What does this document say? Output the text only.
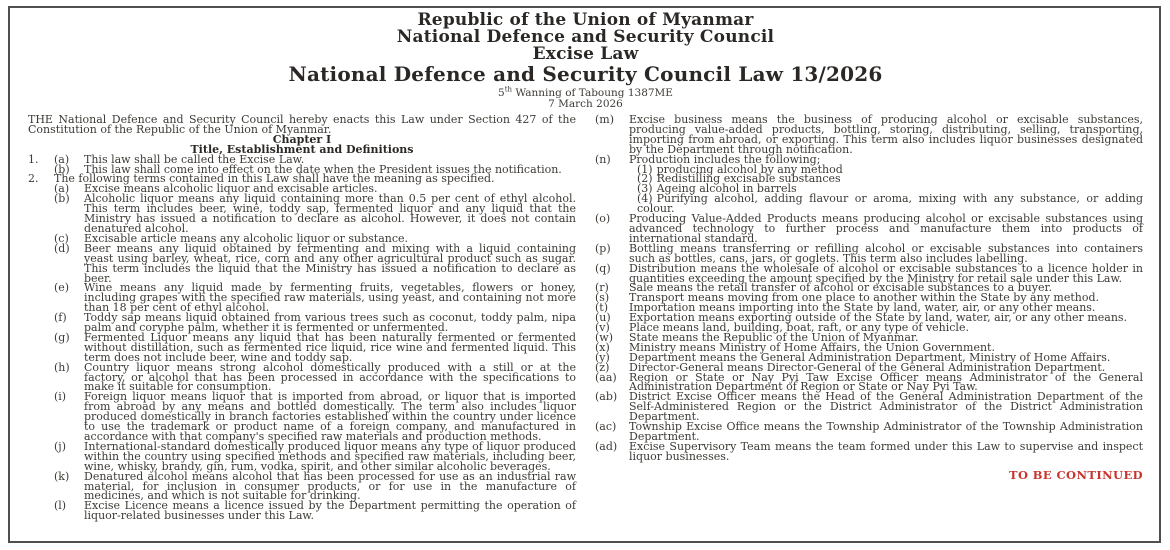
Republic of the Union of Myanmar
National Defence and Security Council
Excise Law
National Defence and Security Council Law 13/2026
5th Wanning of Taboung 1387ME
7 March 2026
THE National Defence and Security Council hereby enacts this Law under Section 427 of the Constitution of the Republic of the Union of Myanmar.
Chapter I
Title, Establishment and Definitions
1.	(a) This law shall be called the Excise Law.
(b) This law shall come into effect on the date when the President issues the notification.
2.	The following terms contained in this Law shall have the meaning as specified.
(a) Excise means alcoholic liquor and excisable articles.
(b) Alcoholic liquor means any liquid containing more than 0.5 per cent of ethyl alcohol. This term includes beer, wine, toddy sap, fermented liquor and any liquid that the Ministry has issued a notification to declare as alcohol. However, it does not contain denatured alcohol.
(c) Excisable article means any alcoholic liquor or substance.
(d) Beer means any liquid obtained by fermenting and mixing with a liquid containing yeast using barley, wheat, rice, corn and any other agricultural product such as sugar. This term includes the liquid that the Ministry has issued a notification to declare as beer.
(e) Wine means any liquid made by fermenting fruits, vegetables, flowers or honey, including grapes with the specified raw materials, using yeast, and containing not more than 18 per cent of ethyl alcohol.
(f) Toddy sap means liquid obtained from various trees such as coconut, toddy palm, nipa palm and coryphe palm, whether it is fermented or unfermented.
(g) Fermented Liquor means any liquid that has been naturally fermented or fermented without distillation, such as fermented rice liquid, rice wine and fermented liquid. This term does not include beer, wine and toddy sap.
(h) Country liquor means strong alcohol domestically produced with a still or at the factory, or alcohol that has been processed in accordance with the specifications to make it suitable for consumption.
(i) Foreign liquor means liquor that is imported from abroad, or liquor that is imported from abroad by any means and bottled domestically. The term also includes liquor produced domestically in branch factories established within the country under licence to use the trademark or product name of a foreign company, and manufactured in accordance with that company's specified raw materials and production methods.
(j) International-standard domestically produced liquor means any type of liquor produced within the country using specified methods and specified raw materials, including beer, wine, whisky, brandy, gin, rum, vodka, spirit, and other similar alcoholic beverages.
(k) Denatured alcohol means alcohol that has been processed for use as an industrial raw material, for inclusion in consumer products, or for use in the manufacture of medicines, and which is not suitable for drinking.
(l) Excise Licence means a licence issued by the Department permitting the operation of liquor-related businesses under this Law.
(m) Excise business means the business of producing alcohol or excisable substances, producing value-added products, bottling, storing, distributing, selling, transporting, importing from abroad, or exporting. This term also includes liquor businesses designated by the Department through notification.
(n) Production includes the following;
(1) producing alcohol by any method
(2) Redistilling excisable substances
(3) Ageing alcohol in barrels
(4) Purifying alcohol, adding flavour or aroma, mixing with any substance, or adding colour.
(o) Producing Value-Added Products means producing alcohol or excisable substances using advanced technology to further process and manufacture them into products of international standard.
(p) Bottling means transferring or refilling alcohol or excisable substances into containers such as bottles, cans, jars, or goglets. This term also includes labelling.
(q) Distribution means the wholesale of alcohol or excisable substances to a licence holder in quantities exceeding the amount specified by the Ministry for retail sale under this Law.
(r) Sale means the retail transfer of alcohol or excisable substances to a buyer.
(s) Transport means moving from one place to another within the State by any method.
(t) Importation means importing into the State by land, water, air, or any other means.
(u) Exportation means exporting outside of the State by land, water, air, or any other means.
(v) Place means land, building, boat, raft, or any type of vehicle.
(w) State means the Republic of the Union of Myanmar.
(x) Ministry means Ministry of Home Affairs, the Union Government.
(y) Department means the General Administration Department, Ministry of Home Affairs.
(z) Director-General means Director-General of the General Administration Department.
(aa) Region or State or Nay Pyi Taw Excise Officer means Administrator of the General Administration Department of Region or State or Nay Pyi Taw.
(ab) District Excise Officer means the Head of the General Administration Department of the Self-Administered Region or the District Administrator of the District Administration Department.
(ac) Township Excise Office means the Township Administrator of the Township Administration Department.
(ad) Excise Supervisory Team means the team formed under this Law to supervise and inspect liquor businesses.
TO BE CONTINUED
